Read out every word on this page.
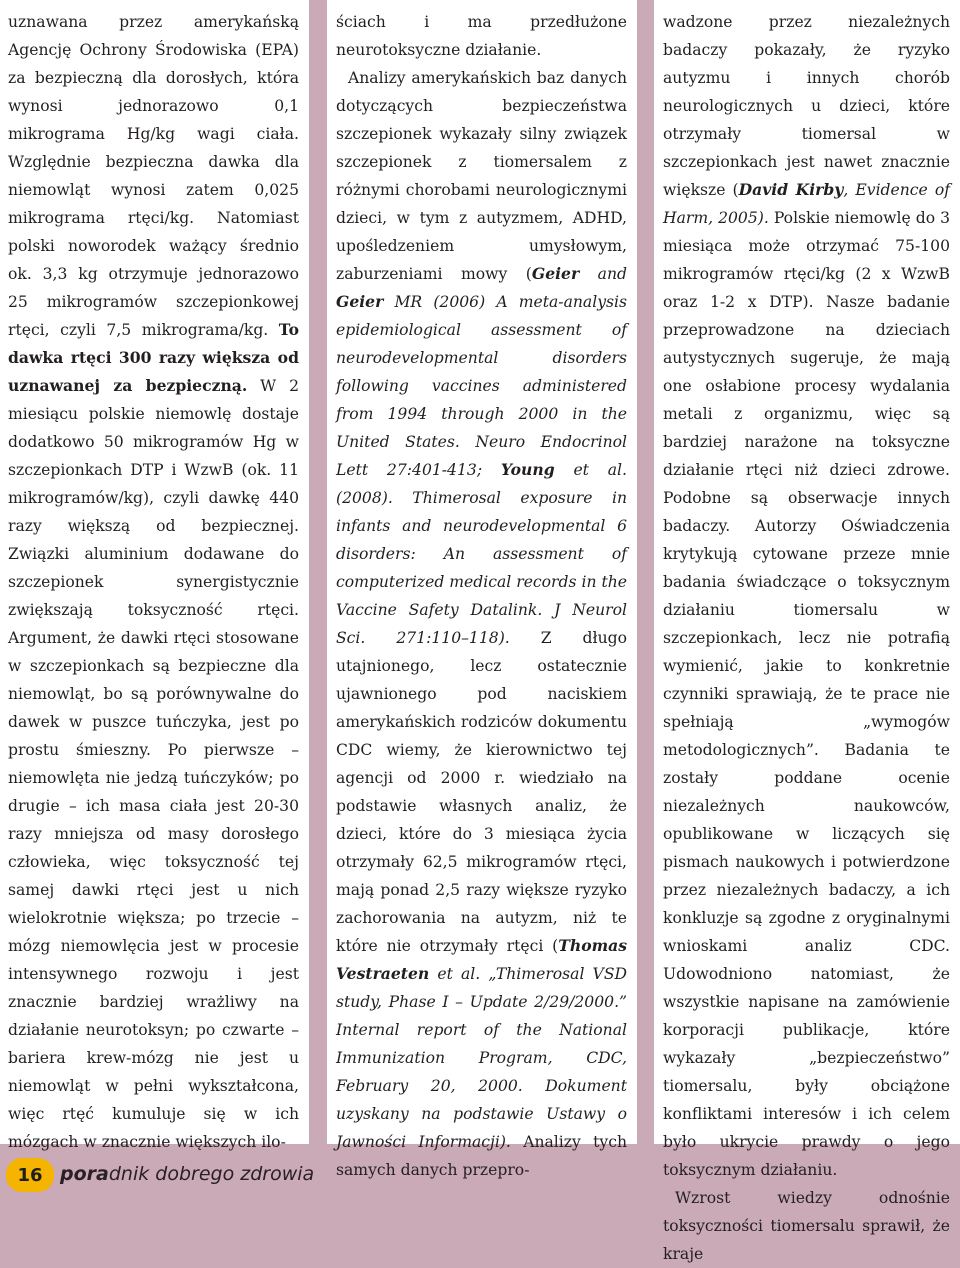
uznawana przez amerykańską Agencję Ochrony Środowiska (EPA) za bezpieczną dla dorosłych, która wynosi jednorazowo 0,1 mikrograma Hg/kg wagi ciała. Względnie bezpieczna dawka dla niemowląt wynosi zatem 0,025 mikrograma rtęci/kg. Natomiast polski noworodek ważący średnio ok. 3,3 kg otrzymuje jednorazowo 25 mikrogramów szczepionkowej rtęci, czyli 7,5 mikrograma/kg. To dawka rtęci 300 razy większa od uznawanej za bezpieczną. W 2 miesiącu polskie niemowlę dostaje dodatkowo 50 mikrogramów Hg w szczepionkach DTP i WzwB (ok. 11 mikrogramów/kg), czyli dawkę 440 razy większą od bezpiecznej. Związki aluminium dodawane do szczepionek synergistycznie zwiększają toksyczność rtęci. Argument, że dawki rtęci stosowane w szczepionkach są bezpieczne dla niemowląt, bo są porównywalne do dawek w puszce tuńczyka, jest po prostu śmieszny. Po pierwsze – niemowlęta nie jedzą tuńczyków; po drugie – ich masa ciała jest 20-30 razy mniejsza od masy dorosłego człowieka, więc toksyczność tej samej dawki rtęci jest u nich wielokrotnie większa; po trzecie – mózg niemowlęcia jest w procesie intensywnego rozwoju i jest znacznie bardziej wrażliwy na działanie neurotoksyn; po czwarte – bariera krew-mózg nie jest u niemowląt w pełni wykształcona, więc rtęć kumuluje się w ich mózgach w znacznie większych ilo-

ściach i ma przedłużone neurotoksyczne działanie.

Analizy amerykańskich baz danych dotyczących bezpieczeństwa szczepionek wykazały silny związek szczepionek z tiomersalem z różnymi chorobami neurologicznymi dzieci, w tym z autyzmem, ADHD, upośledzeniem umysłowym, zaburzeniami mowy (Geier and Geier MR (2006) A meta-analysis epidemiological assessment of neurodevelopmental disorders following vaccines administered from 1994 through 2000 in the United States. Neuro Endocrinol Lett 27:401-413; Young et al. (2008). Thimerosal exposure in infants and neurodevelopmental 6 disorders: An assessment of computerized medical records in the Vaccine Safety Datalink. J Neurol Sci. 271:110–118). Z długo utajnionego, lecz ostatecznie ujawnionego pod naciskiem amerykańskich rodziców dokumentu CDC wiemy, że kierownictwo tej agencji od 2000 r. wiedziało na podstawie własnych analiz, że dzieci, które do 3 miesiąca życia otrzymały 62,5 mikrogramów rtęci, mają ponad 2,5 razy większe ryzyko zachorowania na autyzm, niż te które nie otrzymały rtęci (Thomas Vestraeten et al. „Thimerosal VSD study, Phase I – Update 2/29/2000.” Internal report of the National Immunization Program, CDC, February 20, 2000. Dokument uzyskany na podstawie Ustawy o Jawności Informacji). Analizy tych samych danych przepro-

wadzone przez niezależnych badaczy pokazały, że ryzyko autyzmu i innych chorób neurologicznych u dzieci, które otrzymały tiomersal w szczepionkach jest nawet znacznie większe (David Kirby, Evidence of Harm, 2005). Polskie niemowlę do 3 miesiąca może otrzymać 75-100 mikrogramów rtęci/kg (2 x WzwB oraz 1-2 x DTP). Nasze badanie przeprowadzone na dzieciach autystycznych sugeruje, że mają one osłabione procesy wydalania metali z organizmu, więc są bardziej narażone na toksyczne działanie rtęci niż dzieci zdrowe. Podobne są obserwacje innych badaczy. Autorzy Oświadczenia krytykują cytowane przeze mnie badania świadczące o toksycznym działaniu tiomersalu w szczepionkach, lecz nie potrafią wymienić, jakie to konkretnie czynniki sprawiają, że te prace nie spełniają „wymogów metodologicznych”. Badania te zostały poddane ocenie niezależnych naukowców, opublikowane w liczących się pismach naukowych i potwierdzone przez niezależnych badaczy, a ich konkluzje są zgodne z oryginalnymi wnioskami analiz CDC. Udowodniono natomiast, że wszystkie napisane na zamówienie korporacji publikacje, które wykazały „bezpieczeństwo” tiomersalu, były obciążone konfliktami interesów i ich celem było ukrycie prawdy o jego toksycznym działaniu.

Wzrost wiedzy odnośnie toksyczności tiomersalu sprawił, że kraje

16 poradnik dobrego zdrowia
